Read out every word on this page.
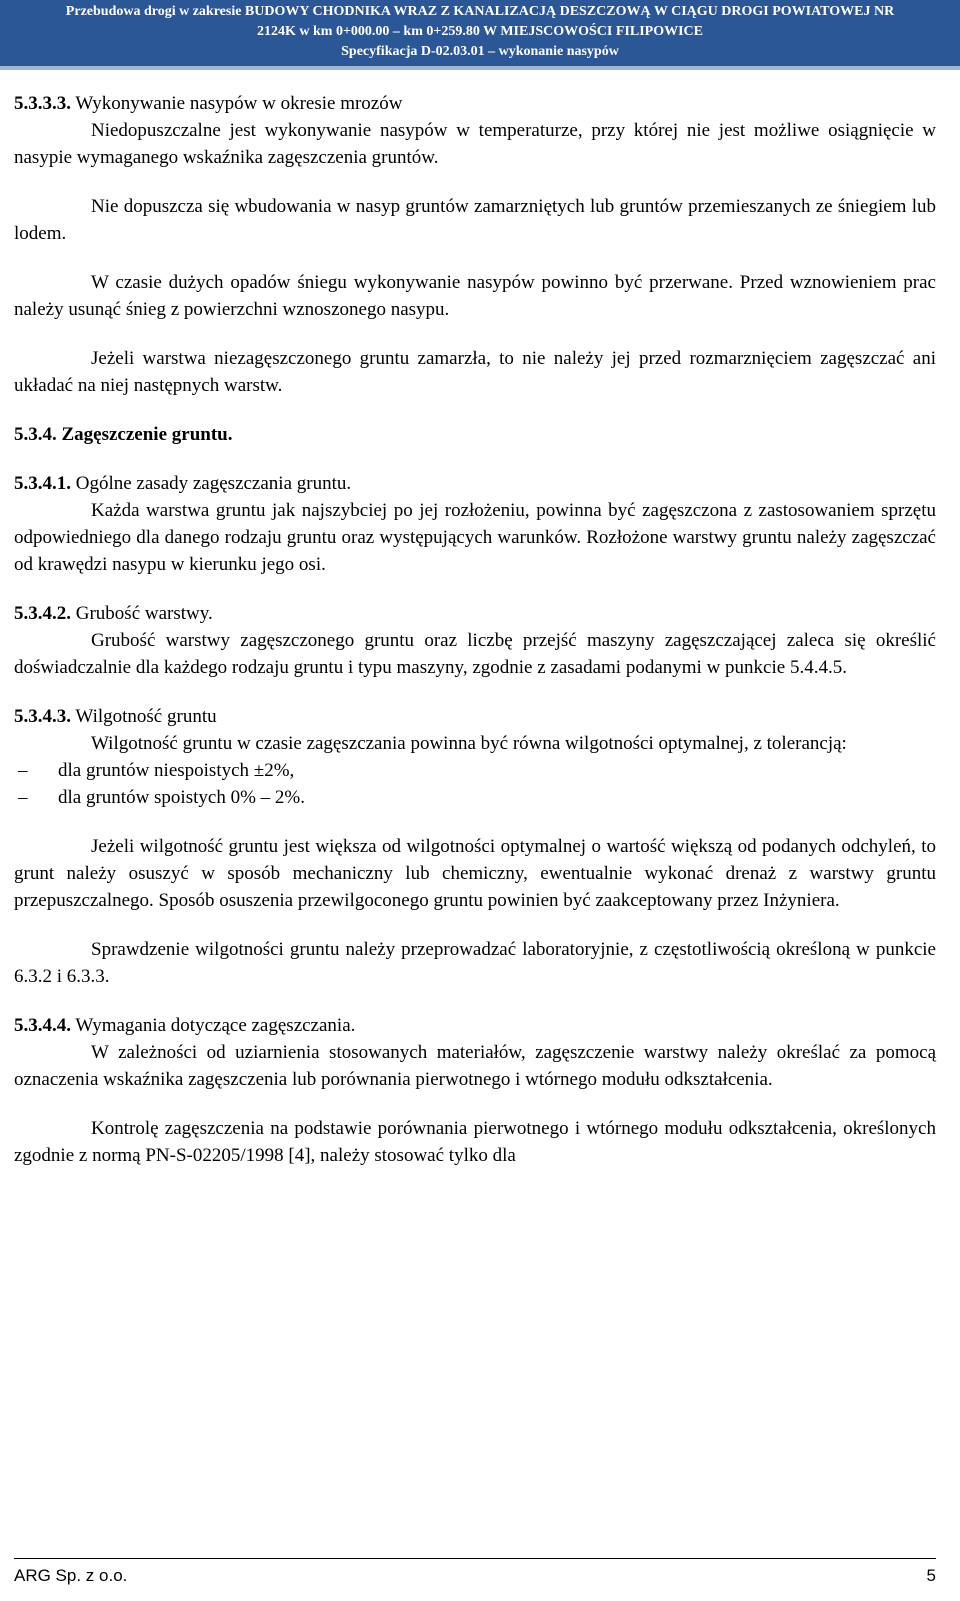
Przebudowa drogi w zakresie BUDOWY CHODNIKA WRAZ Z KANALIZACJĄ DESZCZOWĄ W CIĄGU DROGI POWIATOWEJ NR
2124K w km 0+000.00 – km 0+259.80 W MIEJSCOWOŚCI FILIPOWICE
Specyfikacja D-02.03.01 – wykonanie nasypów

5.3.3.3. Wykonywanie nasypów w okresie mrozów

Niedopuszczalne jest wykonywanie nasypów w temperaturze, przy której nie jest możliwe osiągnięcie w nasypie wymaganego wskaźnika zagęszczenia gruntów.

Nie dopuszcza się wbudowania w nasyp gruntów zamarzniętych lub gruntów przemieszanych ze śniegiem lub lodem.

W czasie dużych opadów śniegu wykonywanie nasypów powinno być przerwane. Przed wznowieniem prac należy usunąć śnieg z powierzchni wznoszonego nasypu.

Jeżeli warstwa niezagęszczonego gruntu zamarzła, to nie należy jej przed rozmarznięciem zagęszczać ani układać na niej następnych warstw.

5.3.4. Zagęszczenie gruntu.

5.3.4.1. Ogólne zasady zagęszczania gruntu.

Każda warstwa gruntu jak najszybciej po jej rozłożeniu, powinna być zagęszczona z zastosowaniem sprzętu odpowiedniego dla danego rodzaju gruntu oraz występujących warunków. Rozłożone warstwy gruntu należy zagęszczać od krawędzi nasypu w kierunku jego osi.

5.3.4.2. Grubość warstwy.

Grubość warstwy zagęszczonego gruntu oraz liczbę przejść maszyny zagęszczającej zaleca się określić doświadczalnie dla każdego rodzaju gruntu i typu maszyny, zgodnie z zasadami podanymi w punkcie 5.4.4.5.

5.3.4.3. Wilgotność gruntu

Wilgotność gruntu w czasie zagęszczania powinna być równa wilgotności optymalnej, z tolerancją:

–	dla gruntów niespoistych ±2%,
–	dla gruntów spoistych 0% – 2%.

Jeżeli wilgotność gruntu jest większa od wilgotności optymalnej o wartość większą od podanych odchyleń, to grunt należy osuszyć w sposób mechaniczny lub chemiczny, ewentualnie wykonać drenaż z warstwy gruntu przepuszczalnego. Sposób osuszenia przewilgoconego gruntu powinien być zaakceptowany przez Inżyniera.

Sprawdzenie wilgotności gruntu należy przeprowadzać laboratoryjnie, z częstotliwością określoną w punkcie 6.3.2 i 6.3.3.

5.3.4.4. Wymagania dotyczące zagęszczania.

W zależności od uziarnienia stosowanych materiałów, zagęszczenie warstwy należy określać za pomocą oznaczenia wskaźnika zagęszczenia lub porównania pierwotnego i wtórnego modułu odkształcenia.

Kontrolę zagęszczenia na podstawie porównania pierwotnego i wtórnego modułu odkształcenia, określonych zgodnie z normą PN-S-02205/1998 [4], należy stosować tylko dla

ARG Sp. z o.o.	5
